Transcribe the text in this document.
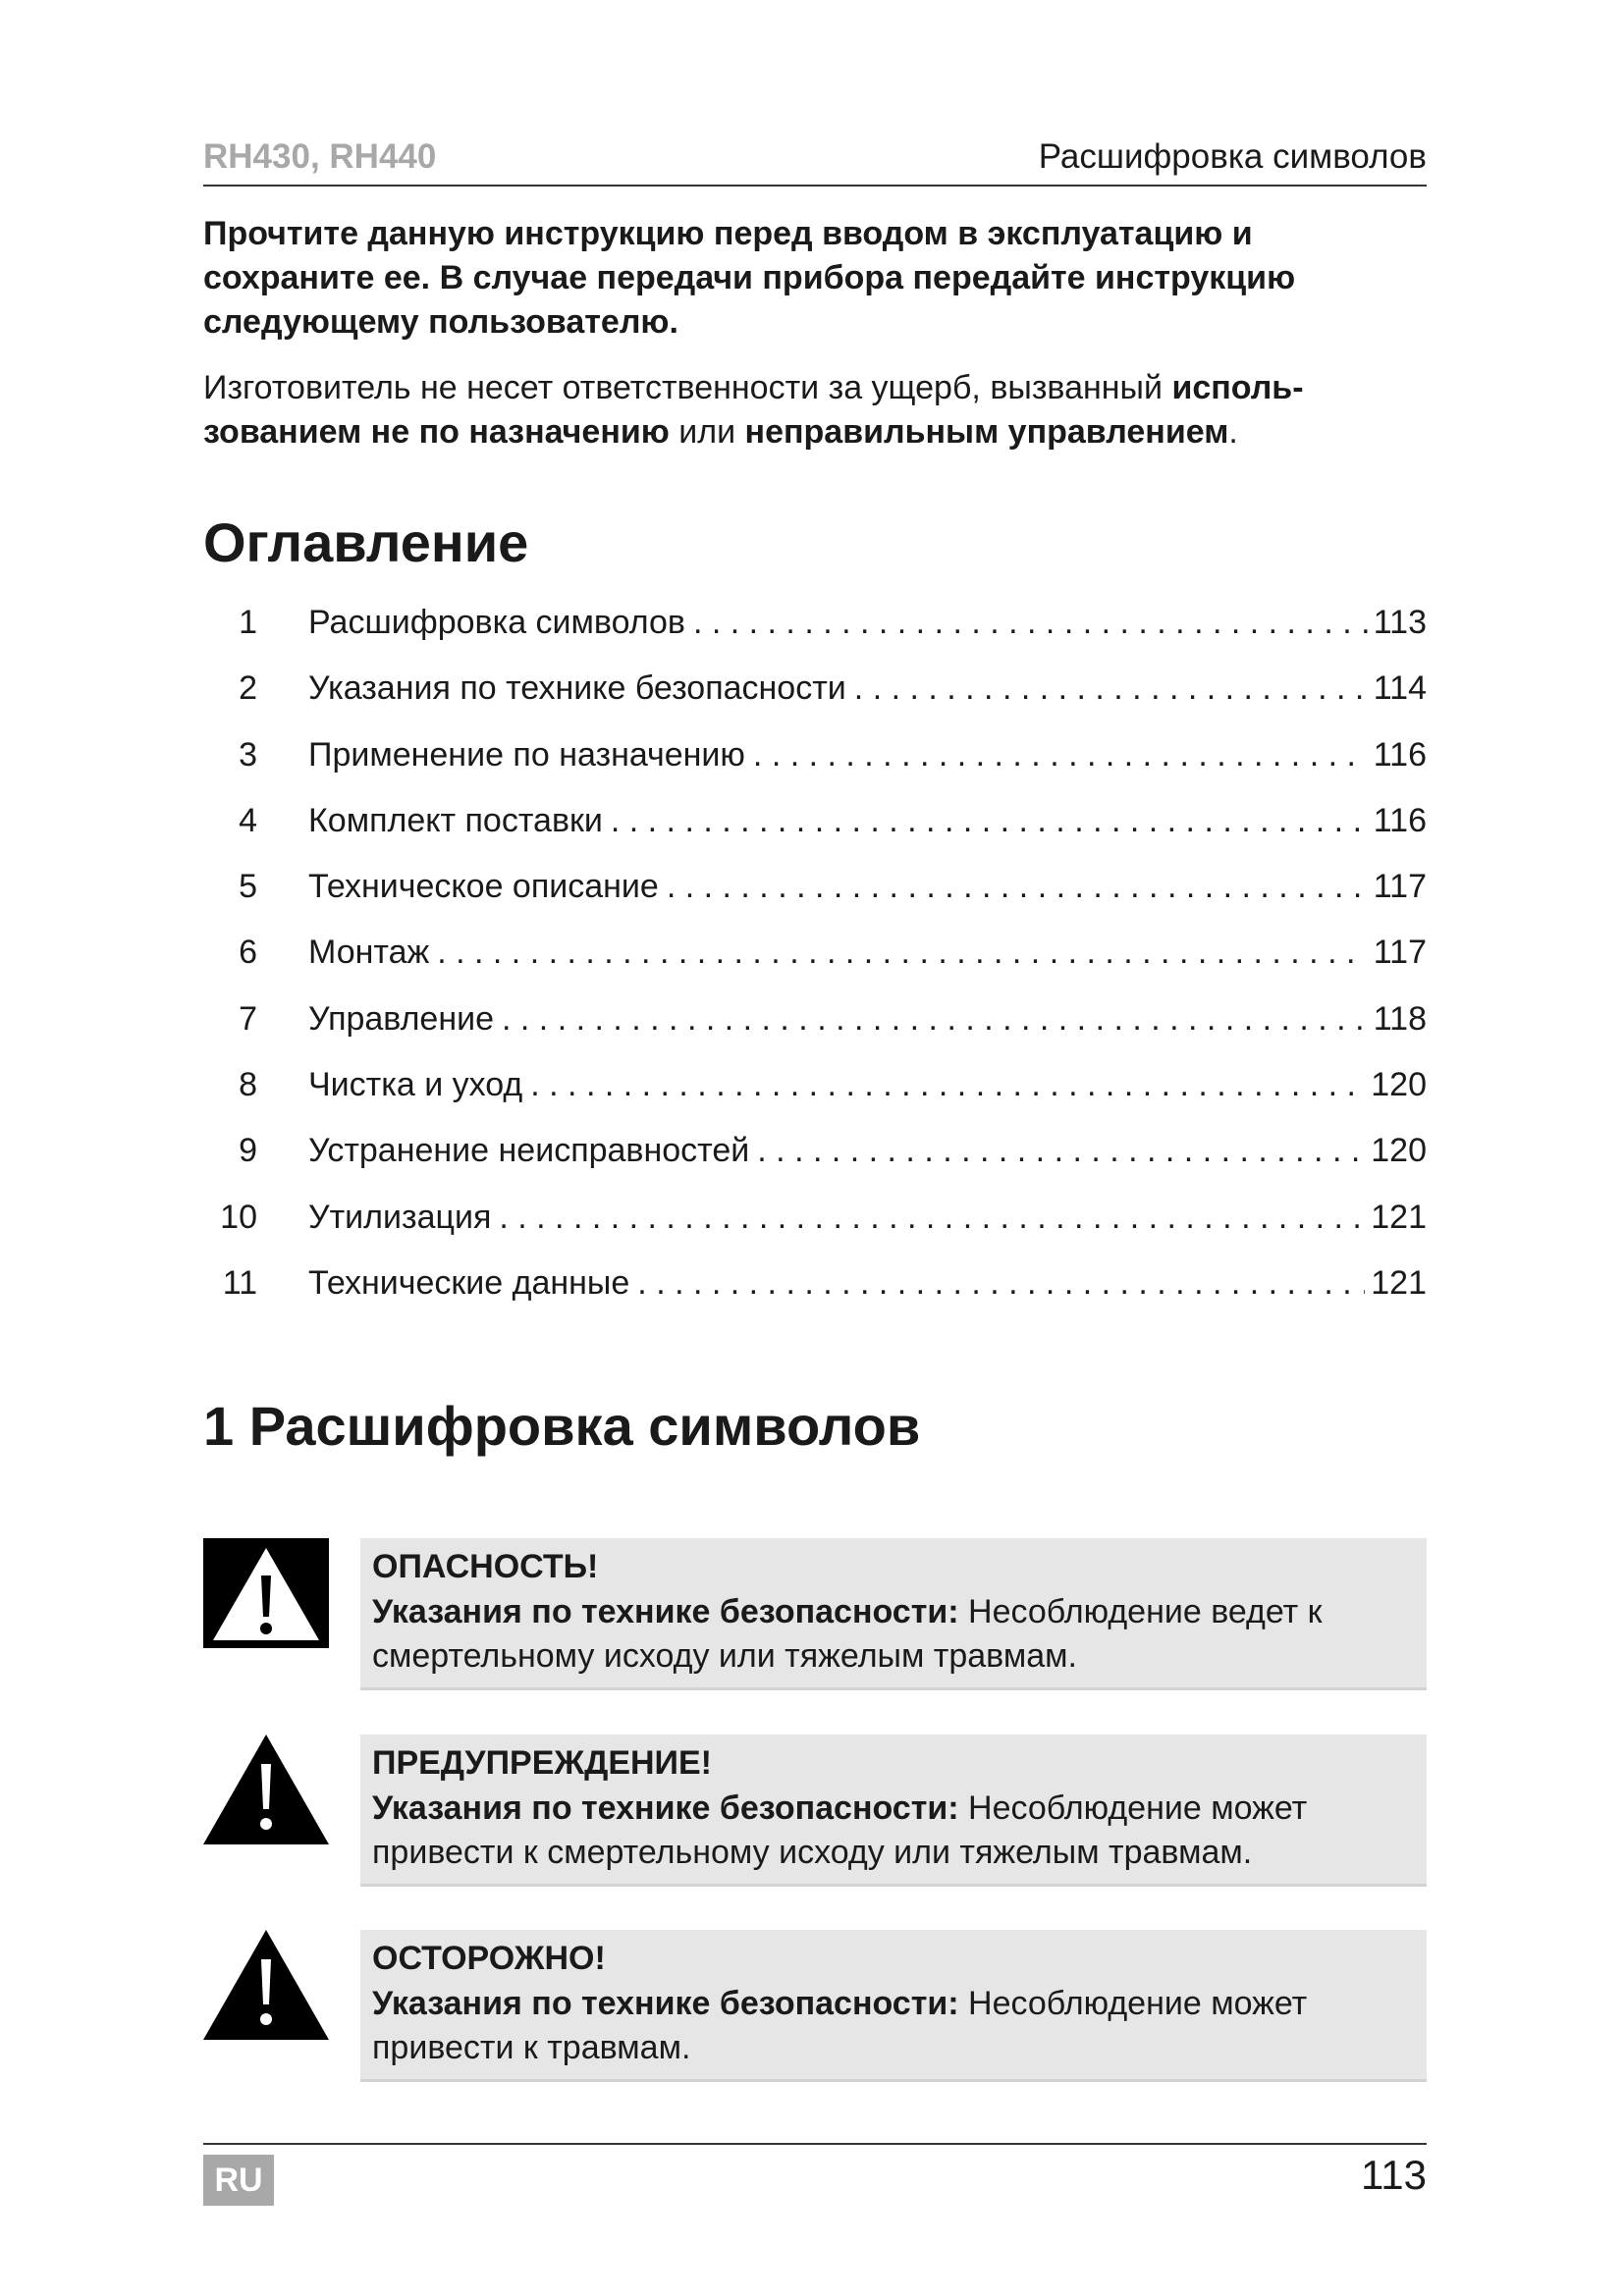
RH430, RH440	Расшифровка символов
Прочтите данную инструкцию перед вводом в эксплуатацию и сохраните ее. В случае передачи прибора передайте инструкцию следующему пользователю.
Изготовитель не несет ответственности за ущерб, вызванный исполь-зованием не по назначению или неправильным управлением.
Оглавление
1 Расшифровка символов . . .	113
2 Указания по технике безопасности . . .	114
3 Применение по назначению . . .	116
4 Комплект поставки . . .	116
5 Техническое описание . . .	117
6 Монтаж . . .	117
7 Управление . . .	118
8 Чистка и уход . . .	120
9 Устранение неисправностей . . .	120
10 Утилизация . . .	121
11 Технические данные . . .	121
1 Расшифровка символов
ОПАСНОСТЬ!
Указания по технике безопасности: Несоблюдение ведет к смертельному исходу или тяжелым травмам.
ПРЕДУПРЕЖДЕНИЕ!
Указания по технике безопасности: Несоблюдение может привести к смертельному исходу или тяжелым травмам.
ОСТОРОЖНО!
Указания по технике безопасности: Несоблюдение может привести к травмам.
RU	113
